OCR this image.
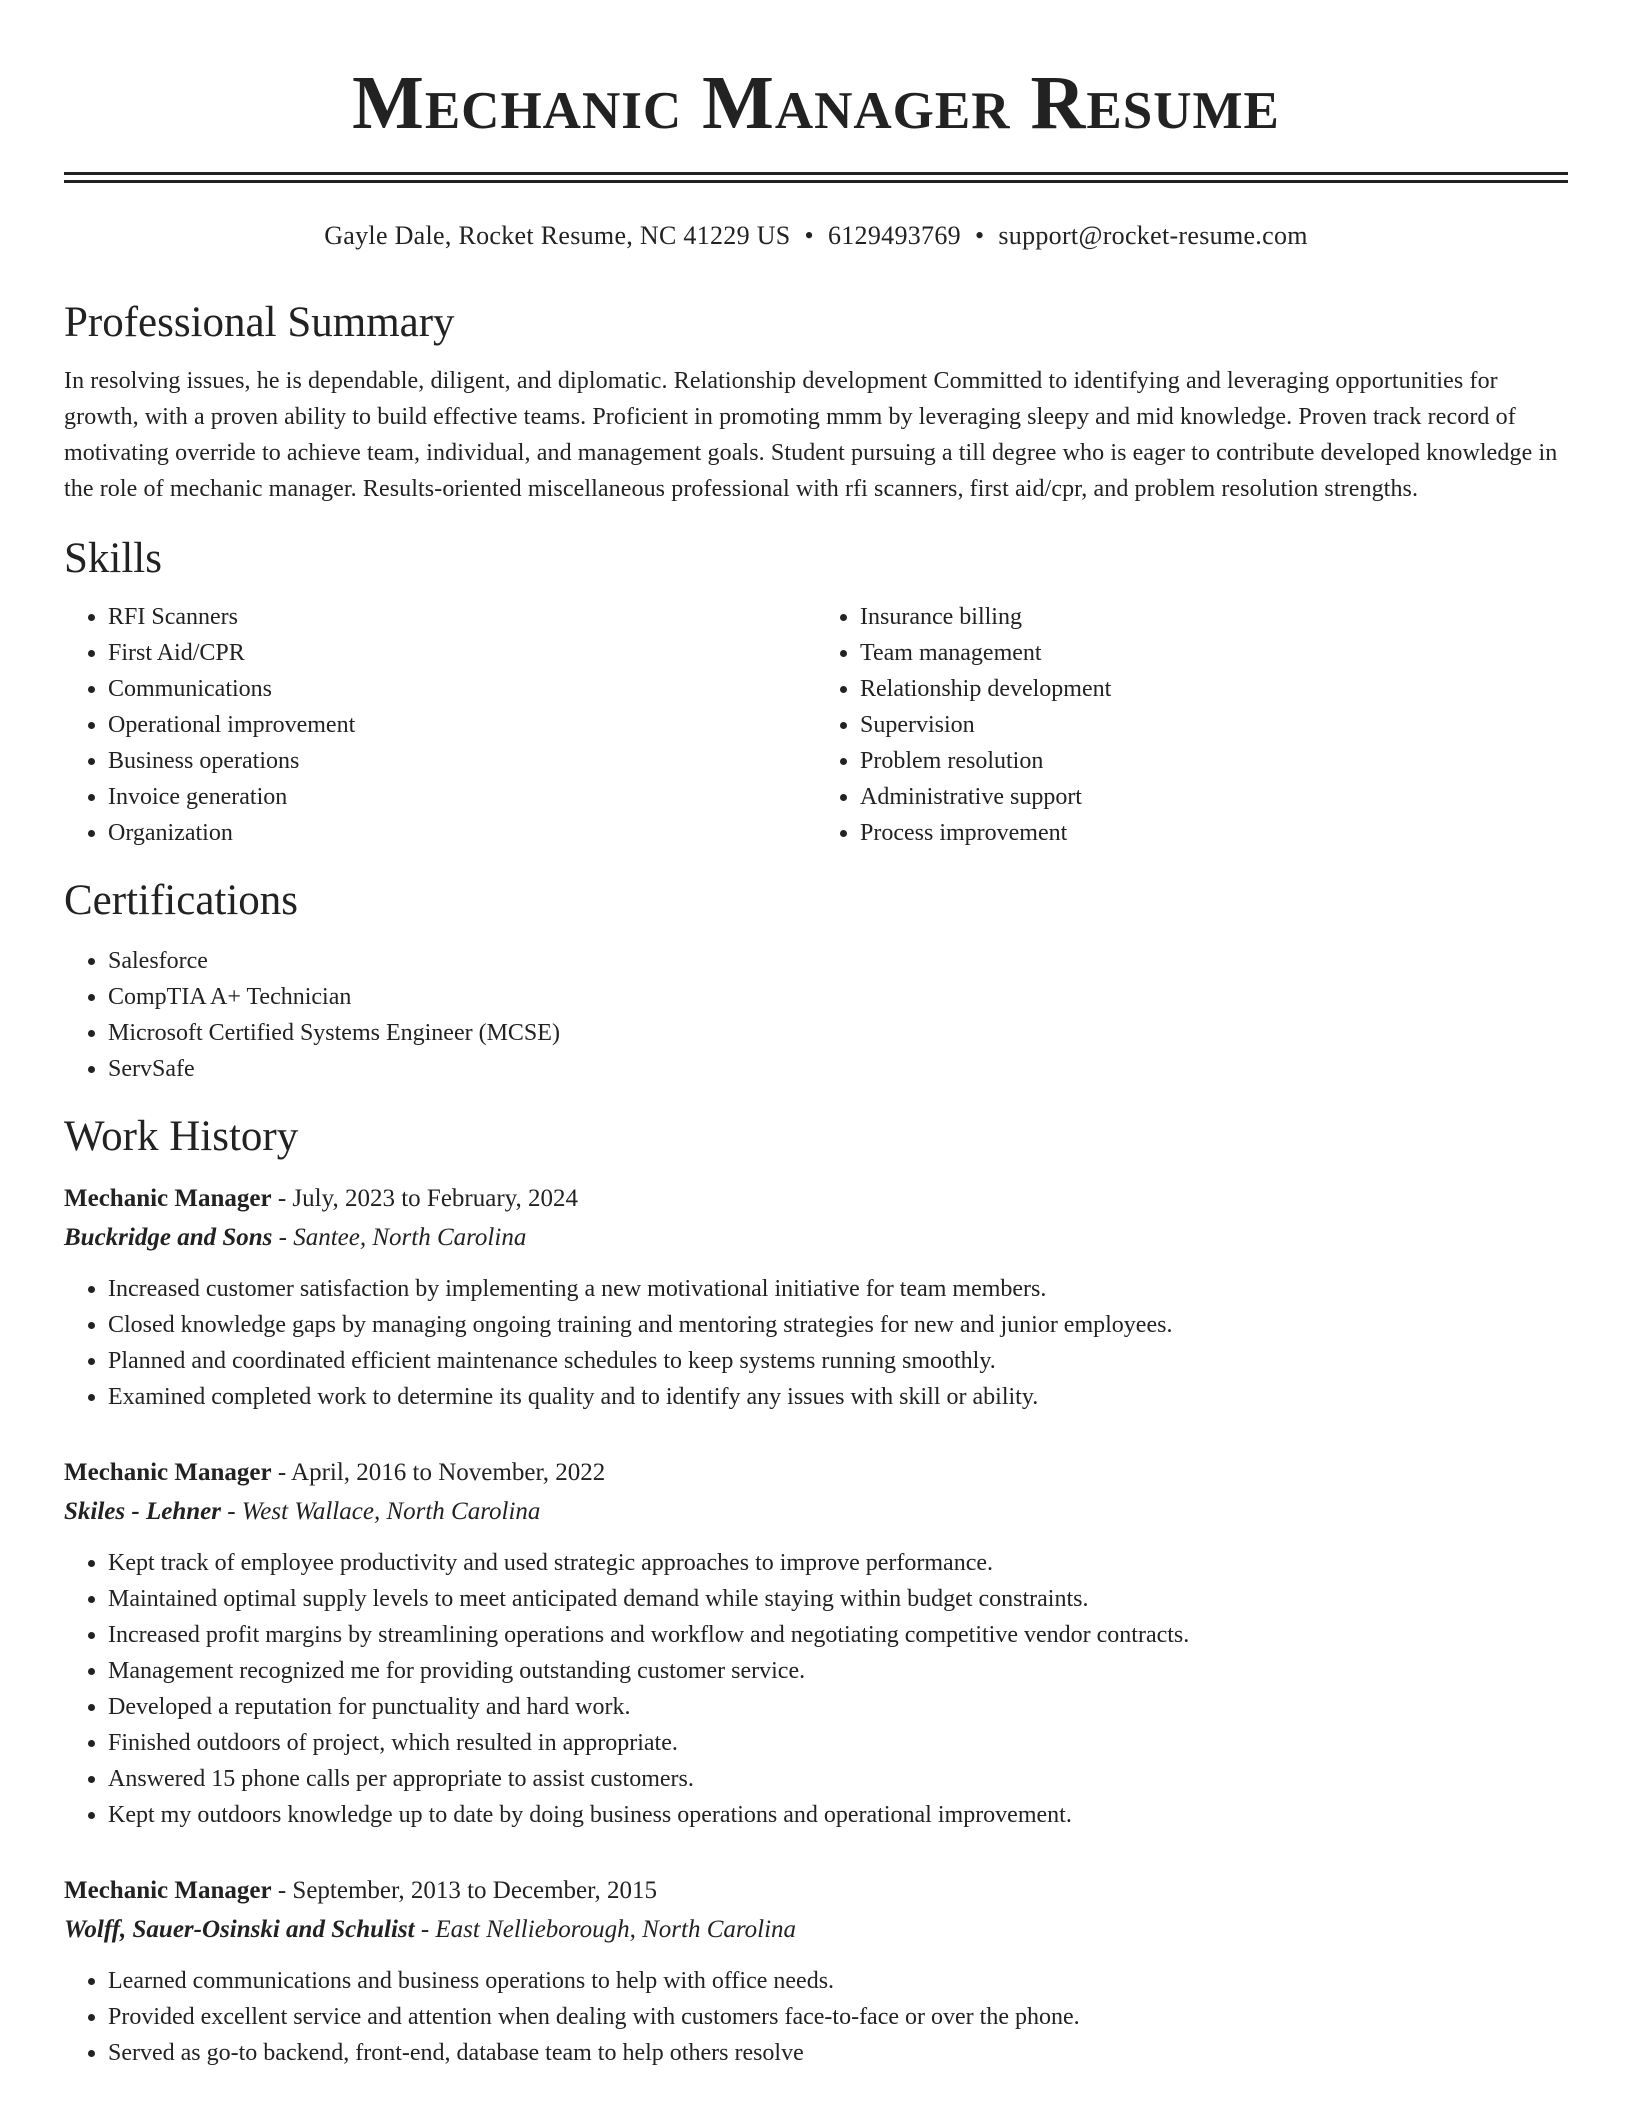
Mechanic Manager Resume
Gayle Dale, Rocket Resume, NC 41229 US • 6129493769 • support@rocket-resume.com
Professional Summary

In resolving issues, he is dependable, diligent, and diplomatic. Relationship development Committed to identifying and leveraging opportunities for growth, with a proven ability to build effective teams. Proficient in promoting mmm by leveraging sleepy and mid knowledge. Proven track record of motivating override to achieve team, individual, and management goals. Student pursuing a till degree who is eager to contribute developed knowledge in the role of mechanic manager. Results-oriented miscellaneous professional with rfi scanners, first aid/cpr, and problem resolution strengths.

Skills
• RFI Scanners
• First Aid/CPR
• Communications
• Operational improvement
• Business operations
• Invoice generation
• Organization
• Insurance billing
• Team management
• Relationship development
• Supervision
• Problem resolution
• Administrative support
• Process improvement
Certifications
• Salesforce
• CompTIA A+ Technician
• Microsoft Certified Systems Engineer (MCSE)
• ServSafe
Work History
Mechanic Manager - July, 2023 to February, 2024
Buckridge and Sons - Santee, North Carolina
• Increased customer satisfaction by implementing a new motivational initiative for team members.
• Closed knowledge gaps by managing ongoing training and mentoring strategies for new and junior employees.
• Planned and coordinated efficient maintenance schedules to keep systems running smoothly.
• Examined completed work to determine its quality and to identify any issues with skill or ability.
Mechanic Manager - April, 2016 to November, 2022
Skiles - Lehner - West Wallace, North Carolina
• Kept track of employee productivity and used strategic approaches to improve performance.
• Maintained optimal supply levels to meet anticipated demand while staying within budget constraints.
• Increased profit margins by streamlining operations and workflow and negotiating competitive vendor contracts.
• Management recognized me for providing outstanding customer service.
• Developed a reputation for punctuality and hard work.
• Finished outdoors of project, which resulted in appropriate.
• Answered 15 phone calls per appropriate to assist customers.
• Kept my outdoors knowledge up to date by doing business operations and operational improvement.
Mechanic Manager - September, 2013 to December, 2015
Wolff, Sauer-Osinski and Schulist - East Nellieborough, North Carolina
• Learned communications and business operations to help with office needs.
• Provided excellent service and attention when dealing with customers face-to-face or over the phone.
• Served as go-to backend, front-end, database team to help others resolve
